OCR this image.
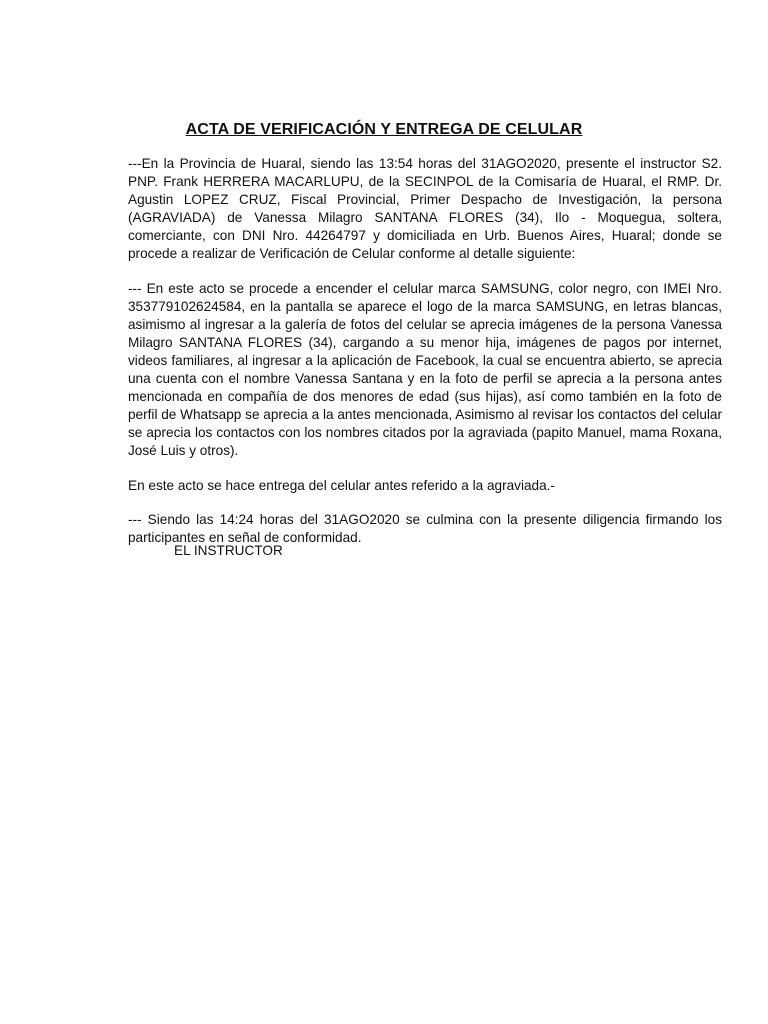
ACTA DE VERIFICACIÓN Y ENTREGA DE CELULAR

---En la Provincia de Huaral, siendo las 13:54 horas del 31AGO2020, presente el instructor S2. PNP. Frank HERRERA MACARLUPU, de la SECINPOL de la Comisaría de Huaral, el RMP. Dr. Agustin LOPEZ CRUZ, Fiscal Provincial, Primer Despacho de Investigación, la persona (AGRAVIADA) de Vanessa Milagro SANTANA FLORES (34), Ilo - Moquegua, soltera, comerciante, con DNI Nro. 44264797 y domiciliada en Urb. Buenos Aires, Huaral; donde se procede a realizar de Verificación de Celular conforme al detalle siguiente:

--- En este acto se procede a encender el celular marca SAMSUNG, color negro, con IMEI Nro. 353779102624584, en la pantalla se aparece el logo de la marca SAMSUNG, en letras blancas, asimismo al ingresar a la galería de fotos del celular se aprecia imágenes de la persona Vanessa Milagro SANTANA FLORES (34), cargando a su menor hija, imágenes de pagos por internet, videos familiares, al ingresar a la aplicación de Facebook, la cual se encuentra abierto, se aprecia una cuenta con el nombre Vanessa Santana y en la foto de perfil se aprecia a la persona antes mencionada en compañía de dos menores de edad (sus hijas), así como también en la foto de perfil de Whatsapp se aprecia a la antes mencionada, Asimismo al revisar los contactos del celular se aprecia los contactos con los nombres citados por la agraviada (papito Manuel, mama Roxana, José Luis y otros).

En este acto se hace entrega del celular antes referido a la agraviada.-

--- Siendo las 14:24 horas del 31AGO2020 se culmina con la presente diligencia firmando los participantes en señal de conformidad.

EL INSTRUCTOR
